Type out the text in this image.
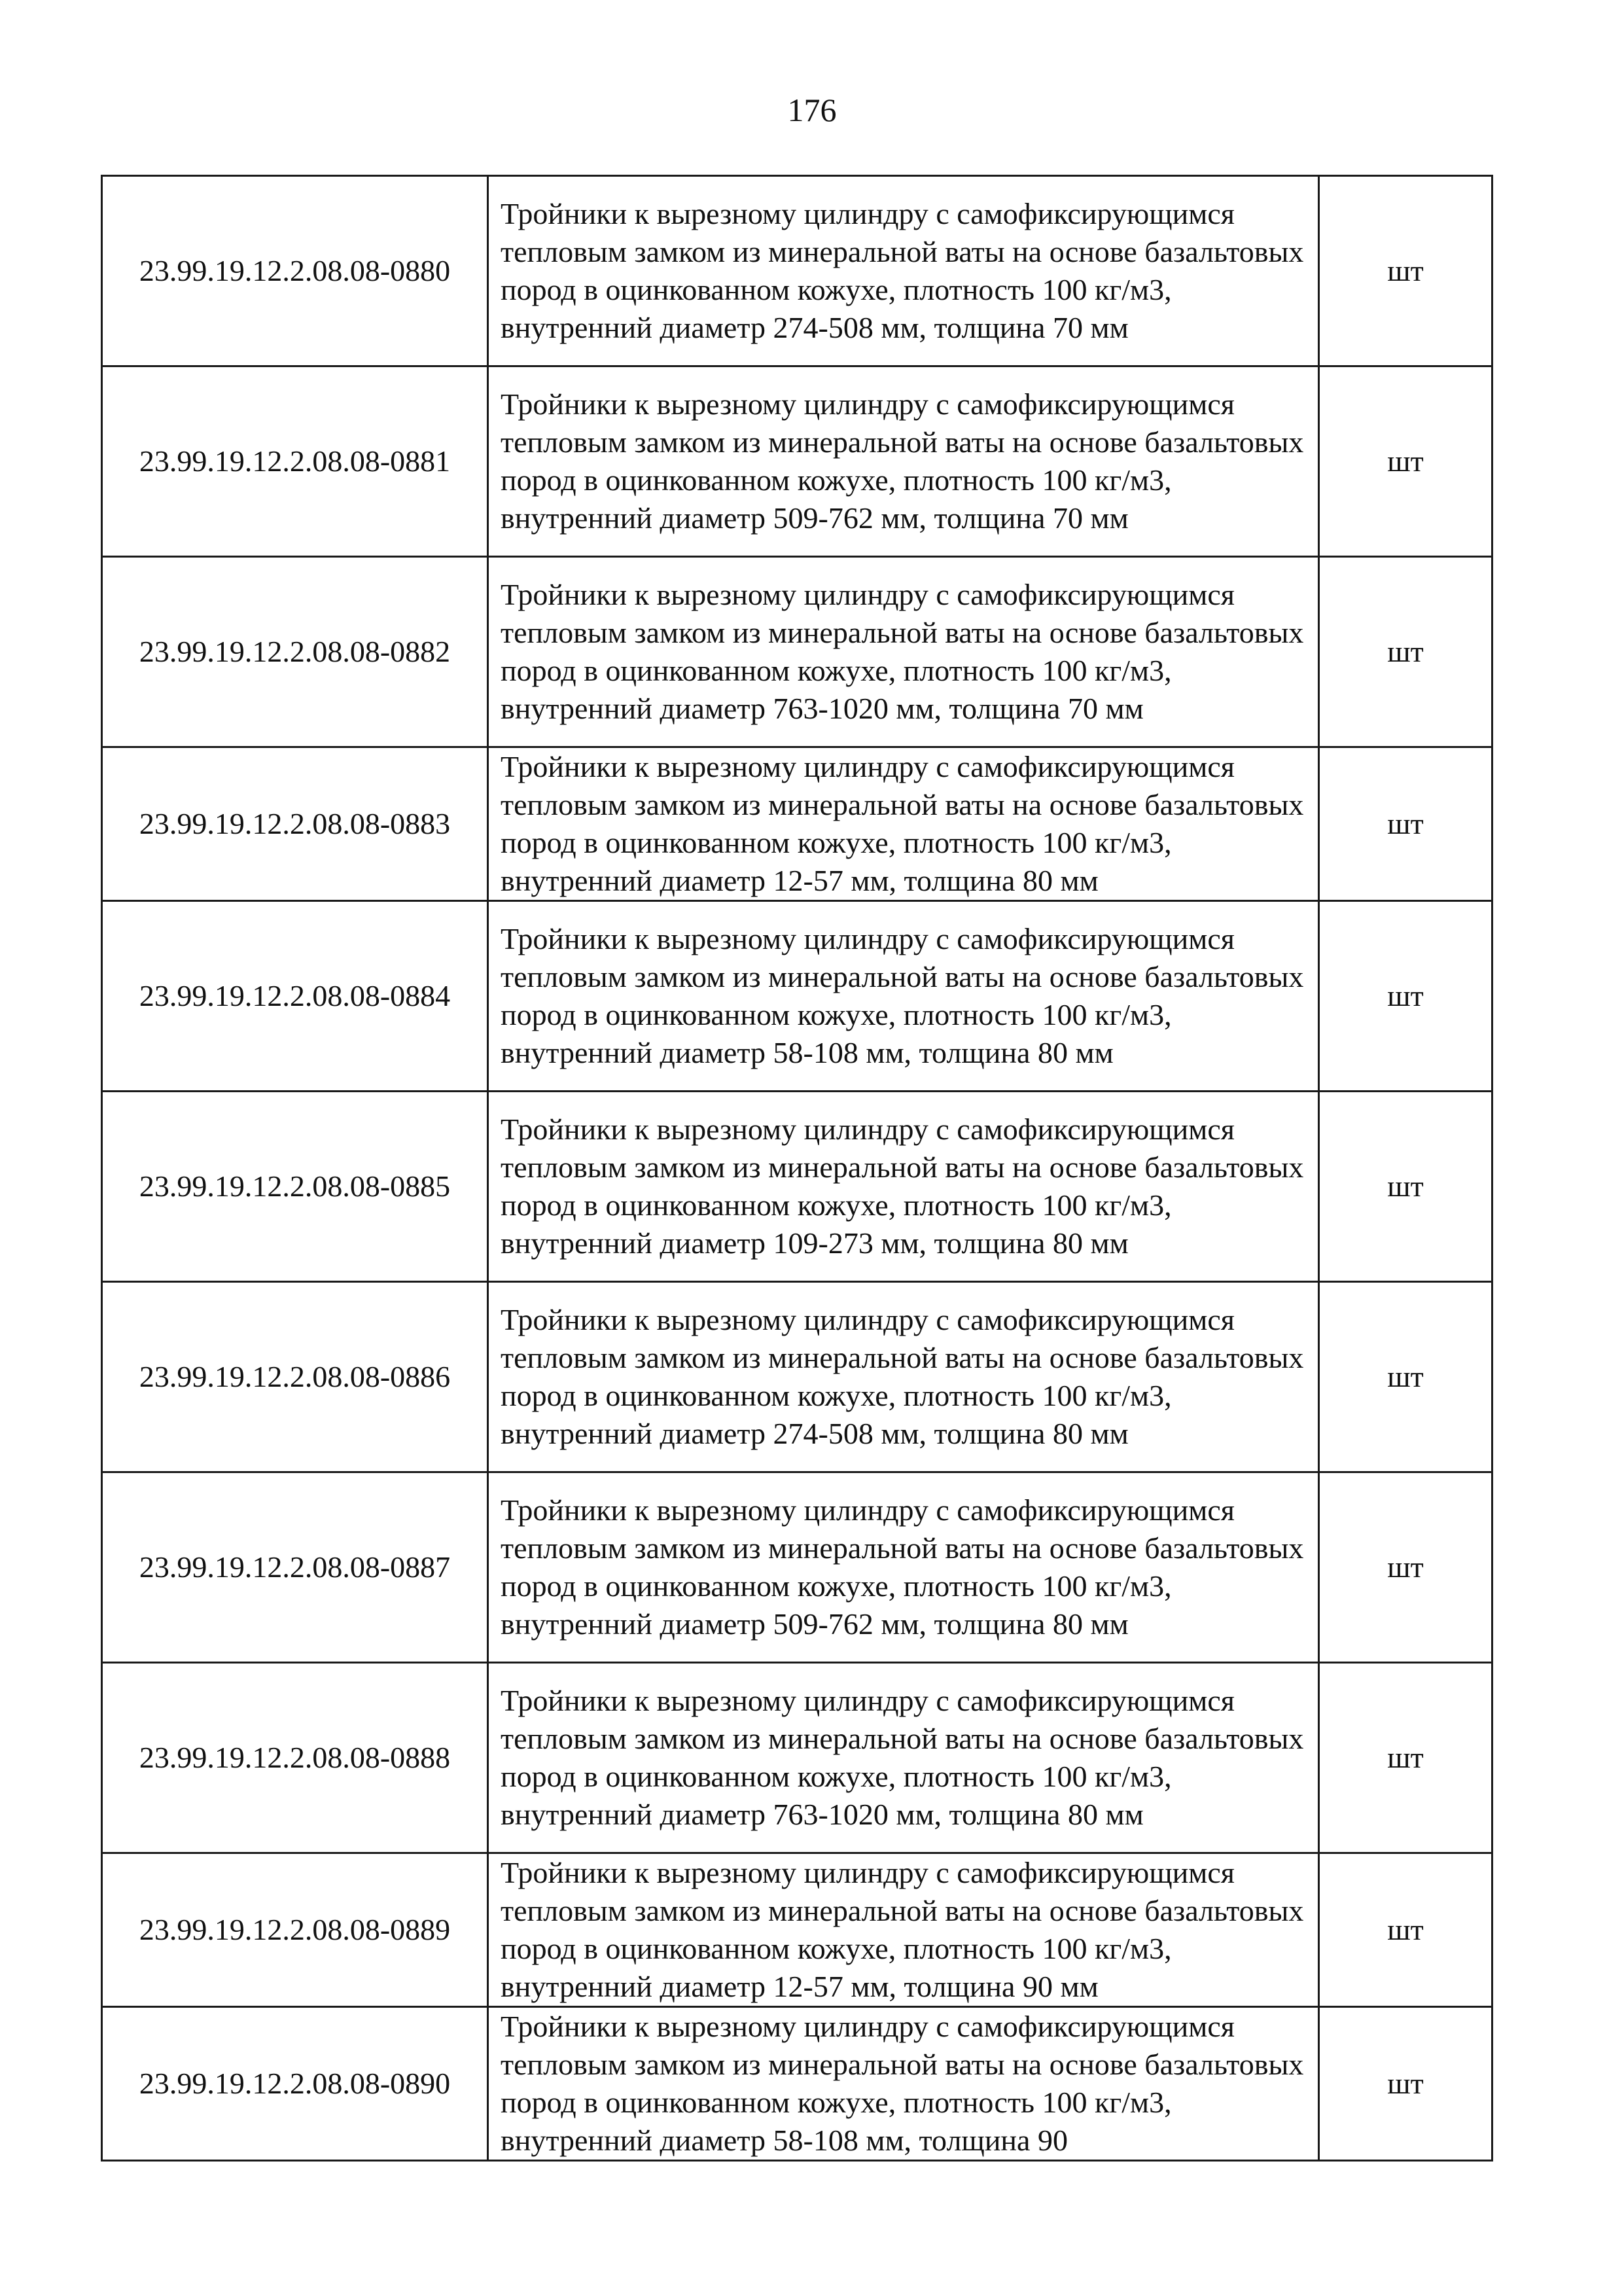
176
23.99.19.12.2.08.08-0880	Тройники к вырезному цилиндру с самофиксирующимся тепловым замком из минеральной ваты на основе базальтовых пород в оцинкованном кожухе, плотность 100 кг/м3, внутренний диаметр 274-508 мм, толщина 70 мм	шт
23.99.19.12.2.08.08-0881	Тройники к вырезному цилиндру с самофиксирующимся тепловым замком из минеральной ваты на основе базальтовых пород в оцинкованном кожухе, плотность 100 кг/м3, внутренний диаметр 509-762 мм, толщина 70 мм	шт
23.99.19.12.2.08.08-0882	Тройники к вырезному цилиндру с самофиксирующимся тепловым замком из минеральной ваты на основе базальтовых пород в оцинкованном кожухе, плотность 100 кг/м3, внутренний диаметр 763-1020 мм, толщина 70 мм	шт
23.99.19.12.2.08.08-0883	Тройники к вырезному цилиндру с самофиксирующимся тепловым замком из минеральной ваты на основе базальтовых пород в оцинкованном кожухе, плотность 100 кг/м3, внутренний диаметр 12-57 мм, толщина 80 мм	шт
23.99.19.12.2.08.08-0884	Тройники к вырезному цилиндру с самофиксирующимся тепловым замком из минеральной ваты на основе базальтовых пород в оцинкованном кожухе, плотность 100 кг/м3, внутренний диаметр 58-108 мм, толщина 80 мм	шт
23.99.19.12.2.08.08-0885	Тройники к вырезному цилиндру с самофиксирующимся тепловым замком из минеральной ваты на основе базальтовых пород в оцинкованном кожухе, плотность 100 кг/м3, внутренний диаметр 109-273 мм, толщина 80 мм	шт
23.99.19.12.2.08.08-0886	Тройники к вырезному цилиндру с самофиксирующимся тепловым замком из минеральной ваты на основе базальтовых пород в оцинкованном кожухе, плотность 100 кг/м3, внутренний диаметр 274-508 мм, толщина 80 мм	шт
23.99.19.12.2.08.08-0887	Тройники к вырезному цилиндру с самофиксирующимся тепловым замком из минеральной ваты на основе базальтовых пород в оцинкованном кожухе, плотность 100 кг/м3, внутренний диаметр 509-762 мм, толщина 80 мм	шт
23.99.19.12.2.08.08-0888	Тройники к вырезному цилиндру с самофиксирующимся тепловым замком из минеральной ваты на основе базальтовых пород в оцинкованном кожухе, плотность 100 кг/м3, внутренний диаметр 763-1020 мм, толщина 80 мм	шт
23.99.19.12.2.08.08-0889	Тройники к вырезному цилиндру с самофиксирующимся тепловым замком из минеральной ваты на основе базальтовых пород в оцинкованном кожухе, плотность 100 кг/м3, внутренний диаметр 12-57 мм, толщина 90 мм	шт
23.99.19.12.2.08.08-0890	Тройники к вырезному цилиндру с самофиксирующимся тепловым замком из минеральной ваты на основе базальтовых пород в оцинкованном кожухе, плотность 100 кг/м3, внутренний диаметр 58-108 мм, толщина 90	шт
